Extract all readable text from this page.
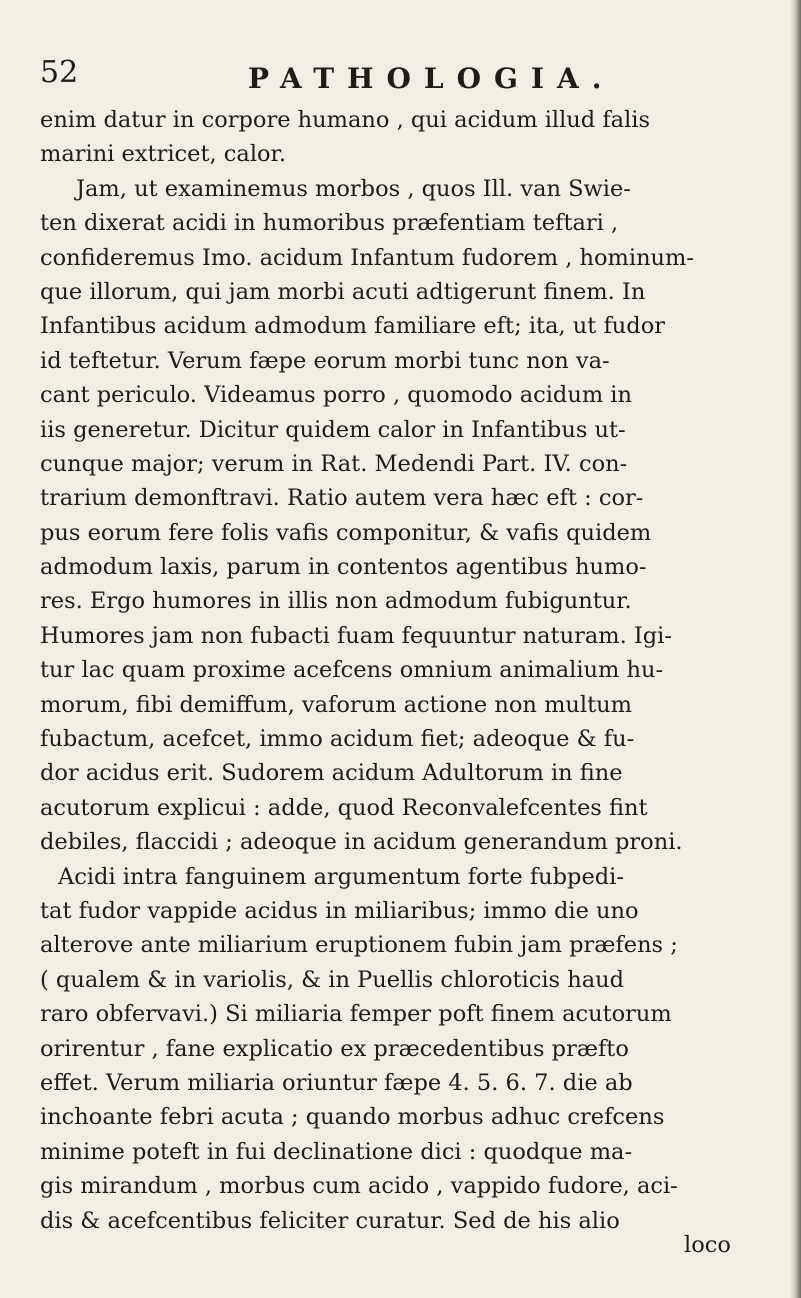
52	PATHOLOGIA.
enim datur in corpore humano , qui acidum illud falis
marini extricet, calor.
Jam, ut examinemus morbos , quos Ill. van Swie-
ten dixerat acidi in humoribus præfentiam teftari ,
confideremus Imo. acidum Infantum fudorem , hominum-
que illorum, qui jam morbi acuti adtigerunt finem. In
Infantibus acidum admodum familiare eft; ita, ut fudor
id teftetur. Verum fæpe eorum morbi tunc non va-
cant periculo. Videamus porro , quomodo acidum in
iis generetur. Dicitur quidem calor in Infantibus ut-
cunque major; verum in Rat. Medendi Part. IV. con-
trarium demonftravi. Ratio autem vera hæc eft : cor-
pus eorum fere folis vafis componitur, & vafis quidem
admodum laxis, parum in contentos agentibus humo-
res. Ergo humores in illis non admodum fubiguntur.
Humores jam non fubacti fuam fequuntur naturam. Igi-
tur lac quam proxime acefcens omnium animalium hu-
morum, fibi demiffum, vaforum actione non multum
fubactum, acefcet, immo acidum fiet; adeoque & fu-
dor acidus erit. Sudorem acidum Adultorum in fine
acutorum explicui : adde, quod Reconvalefcentes fint
debiles, flaccidi ; adeoque in acidum generandum proni.
Acidi intra fanguinem argumentum forte fubpedi-
tat fudor vappide acidus in miliaribus; immo die uno
alterove ante miliarium eruptionem fubin jam præfens ;
( qualem & in variolis, & in Puellis chloroticis haud
raro obfervavi.) Si miliaria femper poft finem acutorum
orirentur , fane explicatio ex præcedentibus præfto
effet. Verum miliaria oriuntur fæpe 4. 5. 6. 7. die ab
inchoante febri acuta ; quando morbus adhuc crefcens
minime poteft in fui declinatione dici : quodque ma-
gis mirandum , morbus cum acido , vappido fudore, aci-
dis & acefcentibus feliciter curatur. Sed de his alio
loco
